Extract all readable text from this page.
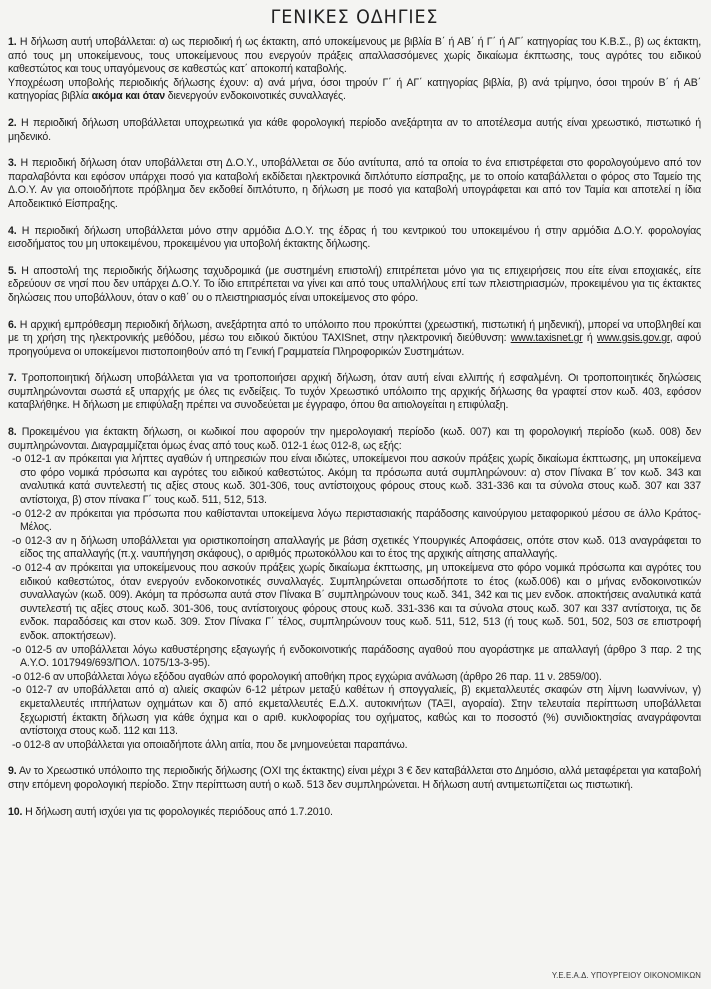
ΓΕΝΙΚΕΣ ΟΔΗΓΙΕΣ

1. Η δήλωση αυτή υποβάλλεται: α) ως περιοδική ή ως έκτακτη, από υποκείμενους με βιβλία Β΄ ή ΑΒ΄ ή Γ΄ ή ΑΓ΄ κατηγορίας του Κ.Β.Σ., β) ως έκτακτη, από τους μη υποκείμενους, τους υποκείμενους που ενεργούν πράξεις απαλλασσόμενες χωρίς δικαίωμα έκπτωσης, τους αγρότες του ειδικού καθεστώτος και τους υπαγόμενους σε καθεστώς κατ΄ αποκοπή καταβολής.
Υποχρέωση υποβολής περιοδικής δήλωσης έχουν: α) ανά μήνα, όσοι τηρούν Γ΄ ή ΑΓ΄ κατηγορίας βιβλία, β) ανά τρίμηνο, όσοι τηρούν Β΄ ή ΑΒ΄ κατηγορίας βιβλία ακόμα και όταν διενεργούν ενδοκοινοτικές συναλλαγές.

2. Η περιοδική δήλωση υποβάλλεται υποχρεωτικά για κάθε φορολογική περίοδο ανεξάρτητα αν το αποτέλεσμα αυτής είναι χρεωστικό, πιστωτικό ή μηδενικό.

3. Η περιοδική δήλωση όταν υποβάλλεται στη Δ.Ο.Υ., υποβάλλεται σε δύο αντίτυπα, από τα οποία το ένα επιστρέφεται στο φορολογούμενο από τον παραλαβόντα και εφόσον υπάρχει ποσό για καταβολή εκδίδεται ηλεκτρονικά διπλότυπο είσπραξης, με το οποίο καταβάλλεται ο φόρος στο Ταμείο της Δ.Ο.Υ. Αν για οποιοδήποτε πρόβλημα δεν εκδοθεί διπλότυπο, η δήλωση με ποσό για καταβολή υπογράφεται και από τον Ταμία και αποτελεί η ίδια Αποδεικτικό Είσπραξης.

4. Η περιοδική δήλωση υποβάλλεται μόνο στην αρμόδια Δ.Ο.Υ. της έδρας ή του κεντρικού του υποκειμένου ή στην αρμόδια Δ.Ο.Υ. φορολογίας εισοδήματος του μη υποκειμένου, προκειμένου για υποβολή έκτακτης δήλωσης.

5. Η αποστολή της περιοδικής δήλωσης ταχυδρομικά (με συστημένη επιστολή) επιτρέπεται μόνο για τις επιχειρήσεις που είτε είναι εποχιακές, είτε εδρεύουν σε νησί που δεν υπάρχει Δ.Ο.Υ. Το ίδιο επιτρέπεται να γίνει και από τους υπαλλήλους επί των πλειστηριασμών, προκειμένου για τις έκτακτες δηλώσεις που υποβάλλουν, όταν ο καθ΄ ου ο πλειστηριασμός είναι υποκείμενος στο φόρο.

6. Η αρχική εμπρόθεσμη περιοδική δήλωση, ανεξάρτητα από το υπόλοιπο που προκύπτει (χρεωστική, πιστωτική ή μηδενική), μπορεί να υποβληθεί και με τη χρήση της ηλεκτρονικής μεθόδου, μέσω του ειδικού δικτύου TAXISnet, στην ηλεκτρονική διεύθυνση: www.taxisnet.gr ή www.gsis.gov.gr, αφού προηγούμενα οι υποκείμενοι πιστοποιηθούν από τη Γενική Γραμματεία Πληροφορικών Συστημάτων.

7. Τροποποιητική δήλωση υποβάλλεται για να τροποποιήσει αρχική δήλωση, όταν αυτή είναι ελλιπής ή εσφαλμένη. Οι τροποποιητικές δηλώσεις συμπληρώνονται σωστά εξ υπαρχής με όλες τις ενδείξεις. Το τυχόν Χρεωστικό υπόλοιπο της αρχικής δήλωσης θα γραφτεί στον κωδ. 403, εφόσον καταβλήθηκε. Η δήλωση με επιφύλαξη πρέπει να συνοδεύεται με έγγραφο, όπου θα αιτιολογείται η επιφύλαξη.

8. Προκειμένου για έκτακτη δήλωση, οι κωδικοί που αφορούν την ημερολογιακή περίοδο (κωδ. 007) και τη φορολογική περίοδο (κωδ. 008) δεν συμπληρώνονται. Διαγραμμίζεται όμως ένας από τους κωδ. 012-1 έως 012-8, ως εξής:

-ο 012-1 αν πρόκειται για λήπτες αγαθών ή υπηρεσιών που είναι ιδιώτες, υποκείμενοι που ασκούν πράξεις χωρίς δικαίωμα έκπτωσης, μη υποκείμενα στο φόρο νομικά πρόσωπα και αγρότες του ειδικού καθεστώτος. Ακόμη τα πρόσωπα αυτά συμπληρώνουν: α) στον Πίνακα Β΄ τον κωδ. 343 και αναλυτικά κατά συντελεστή τις αξίες στους κωδ. 301-306, τους αντίστοιχους φόρους στους κωδ. 331-336 και τα σύνολα στους κωδ. 307 και 337 αντίστοιχα, β) στον πίνακα Γ΄ τους κωδ. 511, 512, 513.

-ο 012-2 αν πρόκειται για πρόσωπα που καθίστανται υποκείμενα λόγω περιστασιακής παράδοσης καινούργιου μεταφορικού μέσου σε άλλο Κράτος-Μέλος.

-ο 012-3 αν η δήλωση υποβάλλεται για οριστικοποίηση απαλλαγής με βάση σχετικές Υπουργικές Αποφάσεις, οπότε στον κωδ. 013 αναγράφεται το είδος της απαλλαγής (π.χ. ναυπήγηση σκάφους), ο αριθμός πρωτοκόλλου και το έτος της αρχικής αίτησης απαλλαγής.

-ο 012-4 αν πρόκειται για υποκείμενους που ασκούν πράξεις χωρίς δικαίωμα έκπτωσης, μη υποκείμενα στο φόρο νομικά πρόσωπα και αγρότες του ειδικού καθεστώτος, όταν ενεργούν ενδοκοινοτικές συναλλαγές. Συμπληρώνεται οπωσδήποτε το έτος (κωδ.006) και ο μήνας ενδοκοινοτικών συναλλαγών (κωδ. 009). Ακόμη τα πρόσωπα αυτά στον Πίνακα Β΄ συμπληρώνουν τους κωδ. 341, 342 και τις μεν ενδοκ. αποκτήσεις αναλυτικά κατά συντελεστή τις αξίες στους κωδ. 301-306, τους αντίστοιχους φόρους στους κωδ. 331-336 και τα σύνολα στους κωδ. 307 και 337 αντίστοιχα, τις δε ενδοκ. παραδόσεις και στον κωδ. 309. Στον Πίνακα Γ΄ τέλος, συμπληρώνουν τους κωδ. 511, 512, 513 (ή τους κωδ. 501, 502, 503 σε επιστροφή ενδοκ. αποκτήσεων).

-ο 012-5 αν υποβάλλεται λόγω καθυστέρησης εξαγωγής ή ενδοκοινοτικής παράδοσης αγαθού που αγοράστηκε με απαλλαγή (άρθρο 3 παρ. 2 της Α.Υ.Ο. 1017949/693/ΠΟΛ. 1075/13-3-95).

-ο 012-6 αν υποβάλλεται λόγω εξόδου αγαθών από φορολογική αποθήκη προς εγχώρια ανάλωση (άρθρο 26 παρ. 11 ν. 2859/00).

-ο 012-7 αν υποβάλλεται από α) αλιείς σκαφών 6-12 μέτρων μεταξύ καθέτων ή σπογγαλιείς, β) εκμεταλλευτές σκαφών στη λίμνη Ιωαννίνων, γ) εκμεταλλευτές ιππήλατων οχημάτων και δ) από εκμεταλλευτές Ε.Δ.Χ. αυτοκινήτων (ΤΑΞΙ, αγοραία). Στην τελευταία περίπτωση υποβάλλεται ξεχωριστή έκτακτη δήλωση για κάθε όχημα και ο αριθ. κυκλοφορίας του οχήματος, καθώς και το ποσοστό (%) συνιδιοκτησίας αναγράφονται αντίστοιχα στους κωδ. 112 και 113.

-ο 012-8 αν υποβάλλεται για οποιαδήποτε άλλη αιτία, που δε μνημονεύεται παραπάνω.

9. Αν το Χρεωστικό υπόλοιπο της περιοδικής δήλωσης (ΟΧΙ της έκτακτης) είναι μέχρι 3 € δεν καταβάλλεται στο Δημόσιο, αλλά μεταφέρεται για καταβολή στην επόμενη φορολογική περίοδο. Στην περίπτωση αυτή ο κωδ. 513 δεν συμπληρώνεται. Η δήλωση αυτή αντιμετωπίζεται ως πιστωτική.

10. Η δήλωση αυτή ισχύει για τις φορολογικές περιόδους από 1.7.2010.

Υ.Ε.Ε.Α.Δ. ΥΠΟΥΡΓΕΙΟΥ ΟΙΚΟΝΟΜΙΚΩΝ
